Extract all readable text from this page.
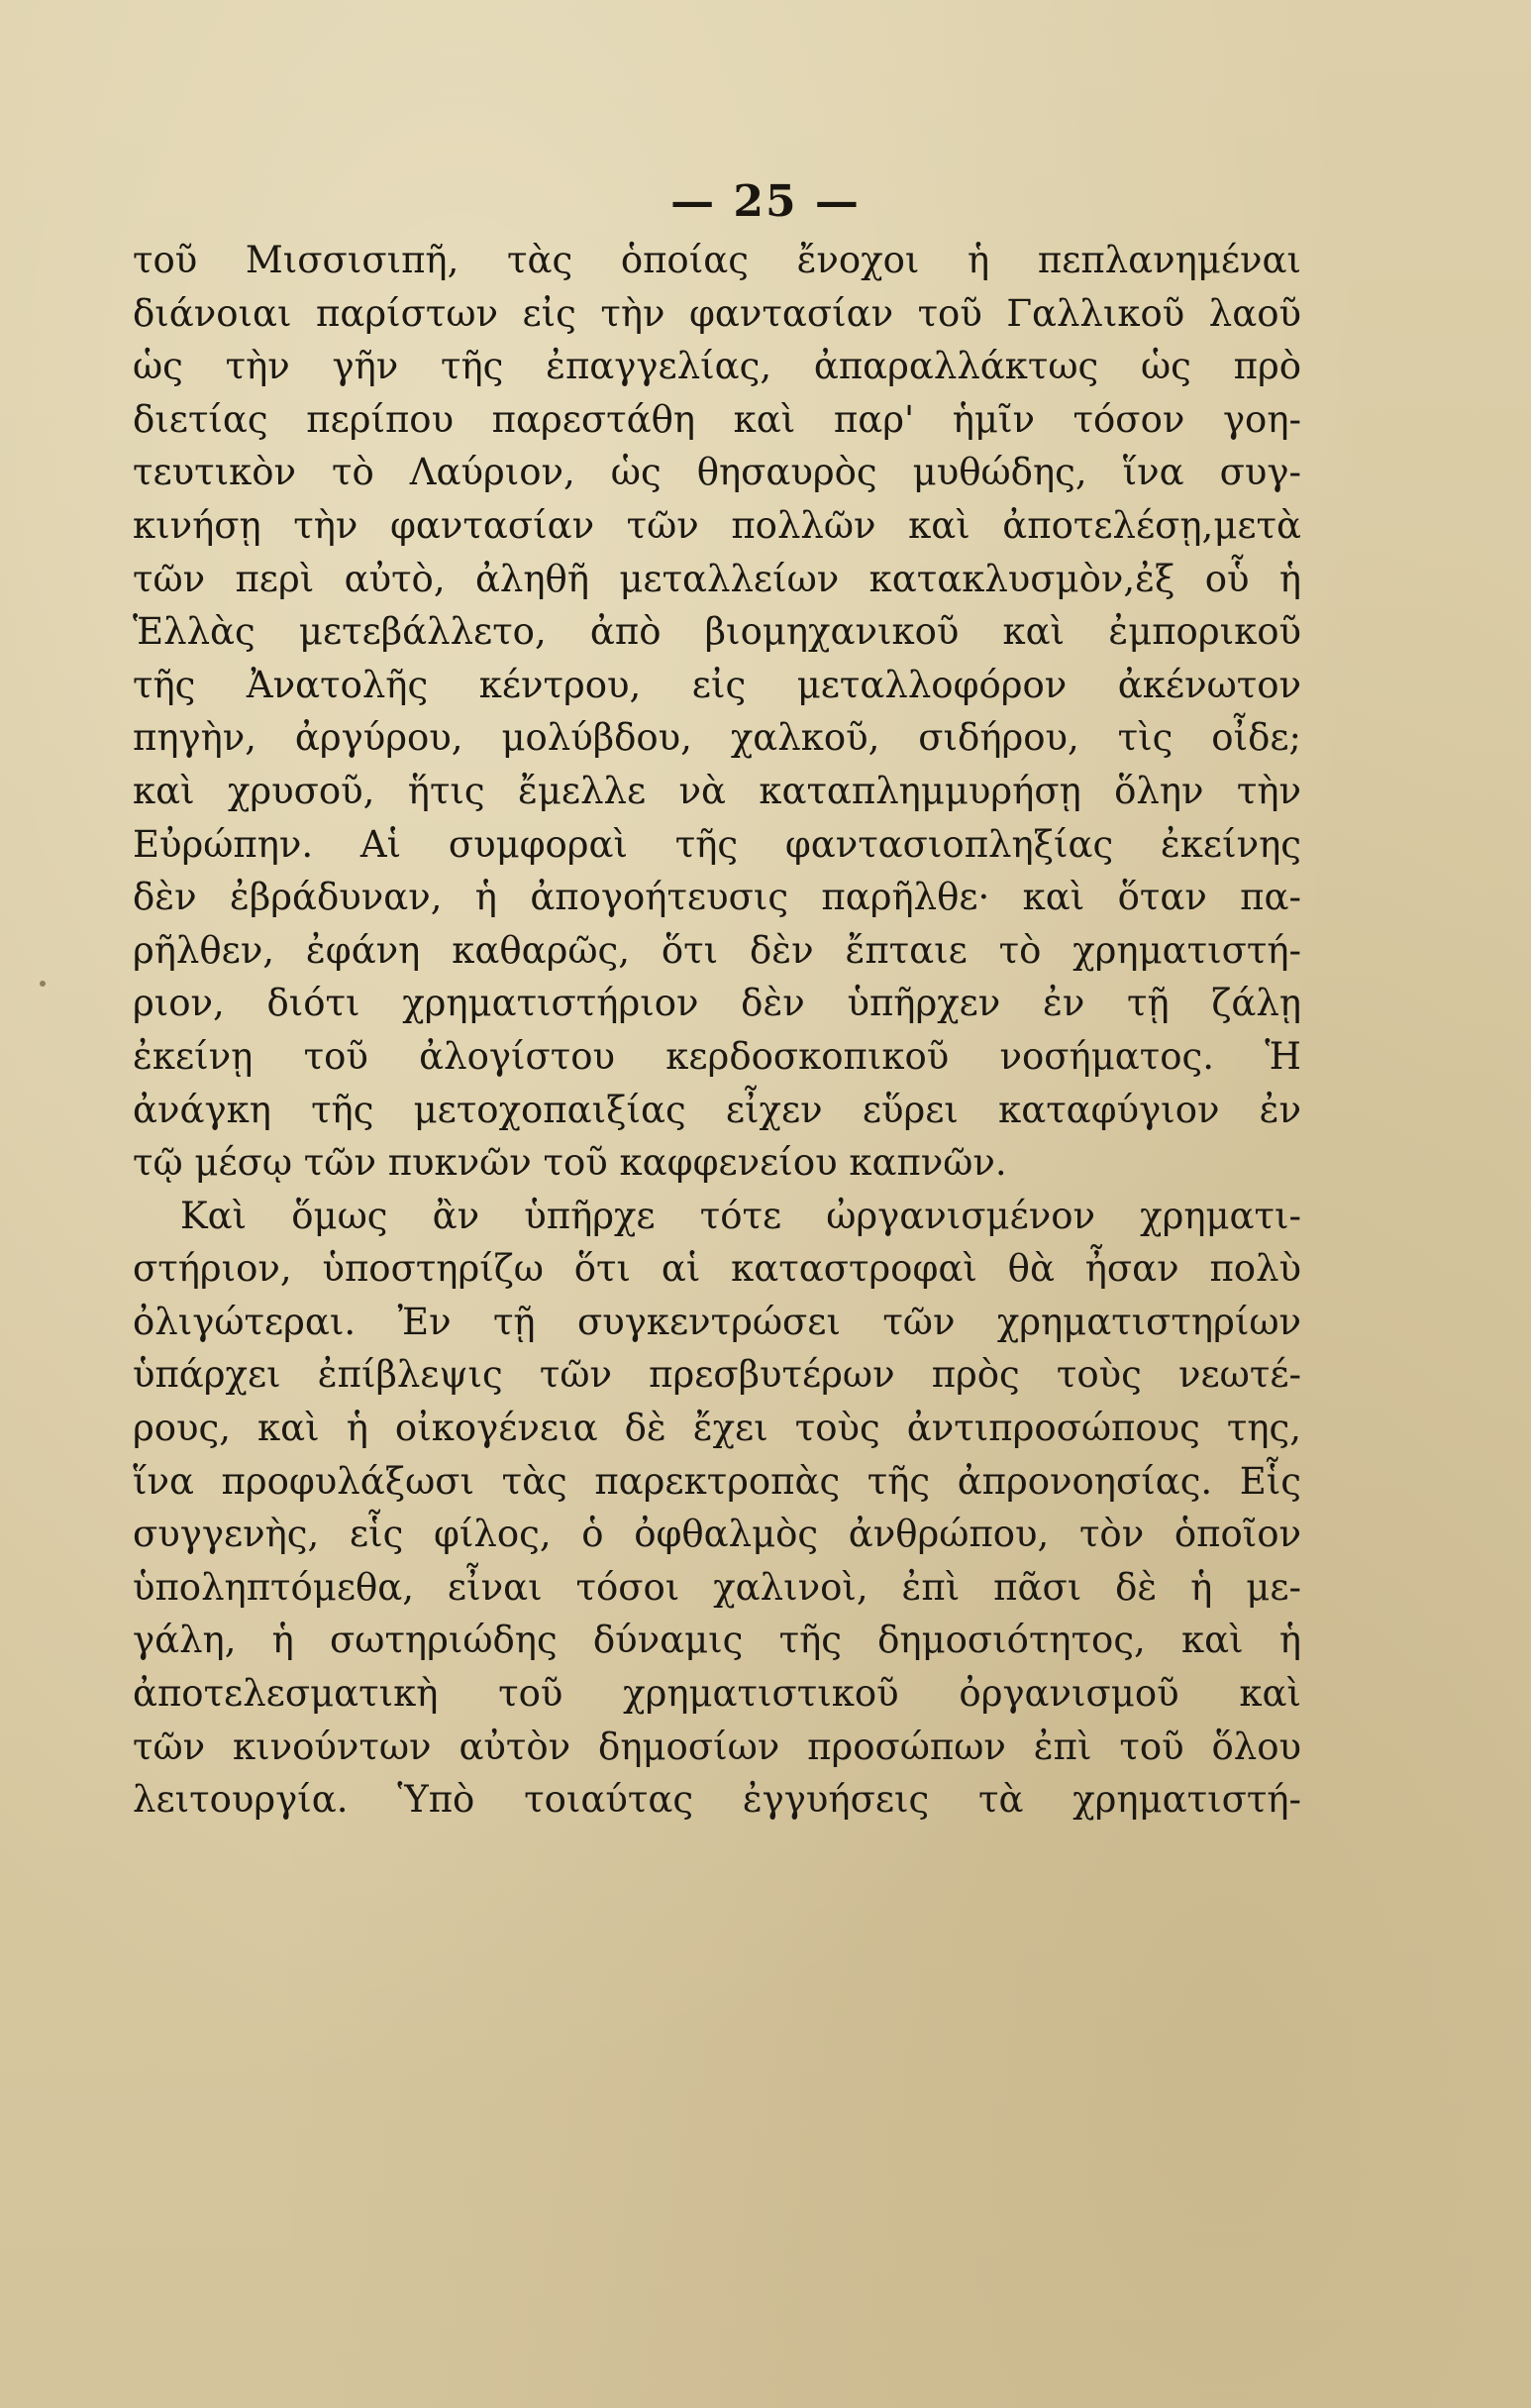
— 25 —
τοῦ Μισσισιπῆ, τὰς ὁποίας ἔνοχοι ἡ πεπλανημέναι
διάνοιαι παρίστων εἰς τὴν φαντασίαν τοῦ Γαλλικοῦ λαοῦ
ὡς τὴν γῆν τῆς ἐπαγγελίας, ἀπαραλλάκτως ὡς πρὸ
διετίας περίπου παρεστάθη καὶ παρ' ἡμῖν τόσον γοη-
τευτικὸν τὸ Λαύριον, ὡς θησαυρὸς μυθώδης, ἵνα συγ-
κινήσῃ τὴν φαντασίαν τῶν πολλῶν καὶ ἀποτελέσῃ,μετὰ
τῶν περὶ αὐτὸ, ἀληθῆ μεταλλείων κατακλυσμὸν,ἐξ οὗ ἡ
Ἑλλὰς μετεβάλλετο, ἀπὸ βιομηχανικοῦ καὶ ἐμπορικοῦ
τῆς Ἀνατολῆς κέντρου, εἰς μεταλλοφόρον ἀκένωτον
πηγὴν, ἀργύρου, μολύβδου, χαλκοῦ, σιδήρου, τὶς οἶδε;
καὶ χρυσοῦ, ἥτις ἔμελλε νὰ καταπλημμυρήσῃ ὅλην τὴν
Εὐρώπην. Αἱ συμφοραὶ τῆς φαντασιοπληξίας ἐκείνης
δὲν ἐβράδυναν, ἡ ἀπογοήτευσις παρῆλθε· καὶ ὅταν πα-
ρῆλθεν, ἐφάνη καθαρῶς, ὅτι δὲν ἔπταιε τὸ χρηματιστή-
ριον, διότι χρηματιστήριον δὲν ὑπῆρχεν ἐν τῇ ζάλῃ
ἐκείνῃ τοῦ ἀλογίστου κερδοσκοπικοῦ νοσήματος. Ἡ
ἀνάγκη τῆς μετοχοπαιξίας εἶχεν εὕρει καταφύγιον ἐν
τῷ μέσῳ τῶν πυκνῶν τοῦ καφφενείου καπνῶν.
Καὶ ὅμως ἂν ὑπῆρχε τότε ὠργανισμένον χρηματι-
στήριον, ὑποστηρίζω ὅτι αἱ καταστροφαὶ θὰ ἦσαν πολὺ
ὀλιγώτεραι. Ἐν τῇ συγκεντρώσει τῶν χρηματιστηρίων
ὑπάρχει ἐπίβλεψις τῶν πρεσβυτέρων πρὸς τοὺς νεωτέ-
ρους, καὶ ἡ οἰκογένεια δὲ ἔχει τοὺς ἀντιπροσώπους της,
ἵνα προφυλάξωσι τὰς παρεκτροπὰς τῆς ἀπρονοησίας. Εἷς
συγγενὴς, εἷς φίλος, ὁ ὀφθαλμὸς ἀνθρώπου, τὸν ὁποῖον
ὑποληπτόμεθα, εἶναι τόσοι χαλινοὶ, ἐπὶ πᾶσι δὲ ἡ με-
γάλη, ἡ σωτηριώδης δύναμις τῆς δημοσιότητος, καὶ ἡ
ἀποτελεσματικὴ τοῦ χρηματιστικοῦ ὀργανισμοῦ καὶ
τῶν κινούντων αὐτὸν δημοσίων προσώπων ἐπὶ τοῦ ὅλου
λειτουργία. Ὑπὸ τοιαύτας ἐγγυήσεις τὰ χρηματιστή-
